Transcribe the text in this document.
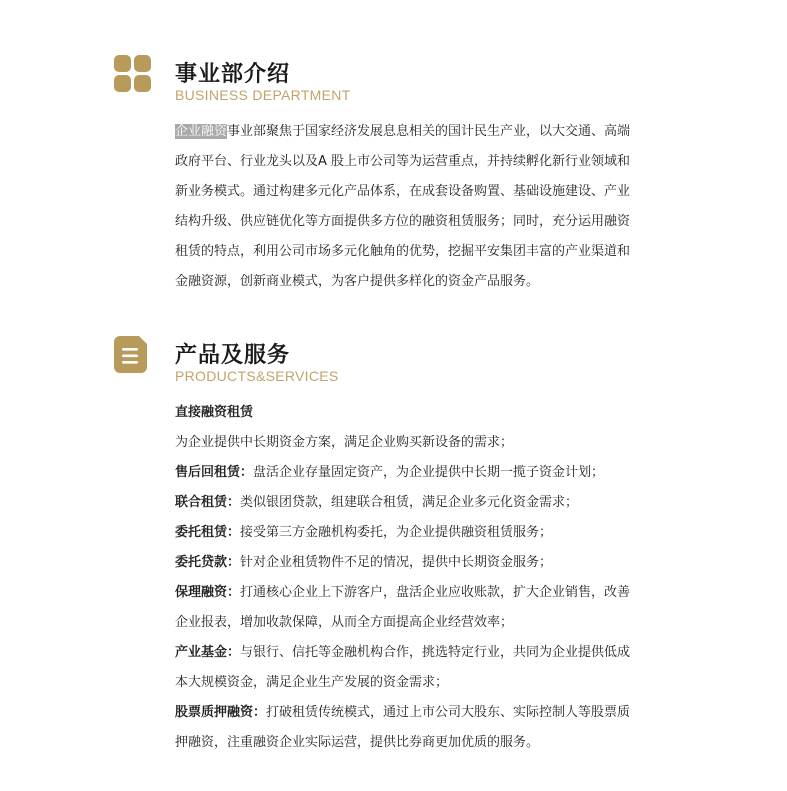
事业部介绍
BUSINESS DEPARTMENT
企业融资事业部聚焦于国家经济发展息息相关的国计民生产业，以大交通、高端
政府平台、行业龙头以及A 股上市公司等为运营重点，并持续孵化新行业领域和
新业务模式。通过构建多元化产品体系，在成套设备购置、基础设施建设、产业
结构升级、供应链优化等方面提供多方位的融资租赁服务；同时，充分运用融资
租赁的特点，利用公司市场多元化触角的优势，挖掘平安集团丰富的产业渠道和
金融资源，创新商业模式，为客户提供多样化的资金产品服务。
产品及服务
PRODUCTS&SERVICES
直接融资租赁
为企业提供中长期资金方案，满足企业购买新设备的需求；
售后回租赁：盘活企业存量固定资产，为企业提供中长期一揽子资金计划；
联合租赁：类似银团贷款，组建联合租赁，满足企业多元化资金需求；
委托租赁：接受第三方金融机构委托，为企业提供融资租赁服务；
委托贷款：针对企业租赁物件不足的情况，提供中长期资金服务；
保理融资：打通核心企业上下游客户，盘活企业应收账款，扩大企业销售，改善
企业报表，增加收款保障，从而全方面提高企业经营效率；
产业基金：与银行、信托等金融机构合作，挑选特定行业，共同为企业提供低成
本大规模资金，满足企业生产发展的资金需求；
股票质押融资：打破租赁传统模式，通过上市公司大股东、实际控制人等股票质
押融资，注重融资企业实际运营，提供比券商更加优质的服务。
